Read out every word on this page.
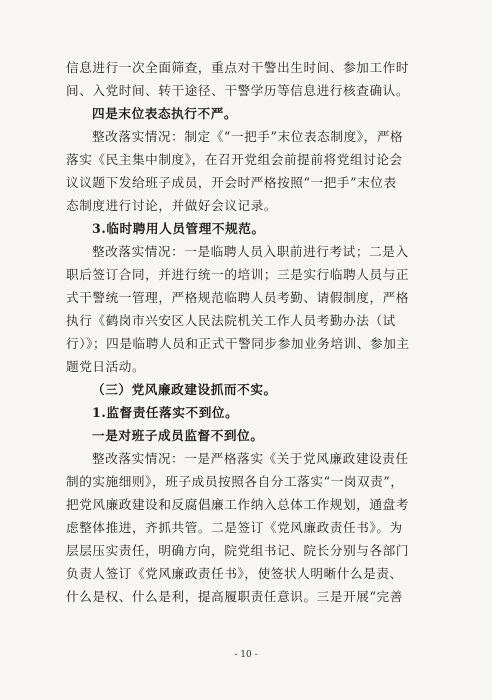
信息进行一次全面筛查，重点对干警出生时间、参加工作时
间、入党时间、转干途径、干警学历等信息进行核查确认。
四是末位表态执行不严。
整改落实情况：制定《“一把手”末位表态制度》，严格
落实《民主集中制度》，在召开党组会前提前将党组讨论会
议议题下发给班子成员，开会时严格按照“一把手”末位表
态制度进行讨论，并做好会议记录。
3.临时聘用人员管理不规范。
整改落实情况：一是临聘人员入职前进行考试；二是入
职后签订合同，并进行统一的培训；三是实行临聘人员与正
式干警统一管理，严格规范临聘人员考勤、请假制度，严格
执行《鹤岗市兴安区人民法院机关工作人员考勤办法（试
行）》；四是临聘人员和正式干警同步参加业务培训、参加主
题党日活动。
（三）党风廉政建设抓而不实。
1.监督责任落实不到位。
一是对班子成员监督不到位。
整改落实情况：一是严格落实《关于党风廉政建设责任
制的实施细则》，班子成员按照各自分工落实“一岗双责”，
把党风廉政建设和反腐倡廉工作纳入总体工作规划，通盘考
虑整体推进，齐抓共管。二是签订《党风廉政责任书》。为
层层压实责任，明确方向，院党组书记、院长分别与各部门
负责人签订《党风廉政责任书》，使签状人明晰什么是责、
什么是权、什么是利，提高履职责任意识。三是开展“完善
- 10 -
